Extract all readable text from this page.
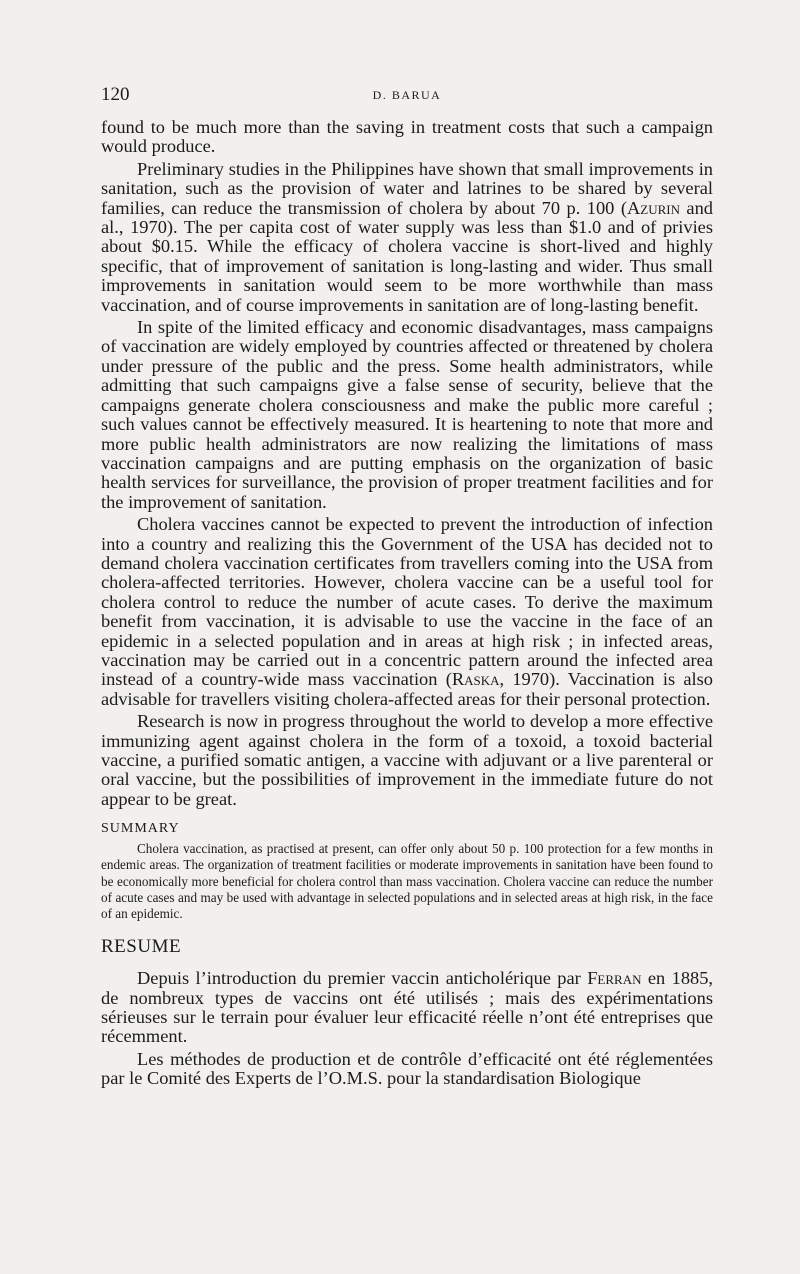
120	D. BARUA

found to be much more than the saving in treatment costs that such a campaign would produce.

Preliminary studies in the Philippines have shown that small improvements in sanitation, such as the provision of water and latrines to be shared by several families, can reduce the transmission of cholera by about 70 p. 100 (Azurin and al., 1970). The per capita cost of water supply was less than $1.0 and of privies about $0.15. While the efficacy of cholera vaccine is short-lived and highly specific, that of improvement of sanitation is long-lasting and wider. Thus small improvements in sanitation would seem to be more worthwhile than mass vaccination, and of course improvements in sanitation are of long-lasting benefit.

In spite of the limited efficacy and economic disadvantages, mass campaigns of vaccination are widely employed by countries affected or threatened by cholera under pressure of the public and the press. Some health administrators, while admitting that such campaigns give a false sense of security, believe that the campaigns generate cholera consciousness and make the public more careful ; such values cannot be effectively measured. It is heartening to note that more and more public health administrators are now realizing the limitations of mass vaccination campaigns and are putting emphasis on the organization of basic health services for surveillance, the provision of proper treatment facilities and for the improvement of sanitation.

Cholera vaccines cannot be expected to prevent the introduction of infection into a country and realizing this the Government of the USA has decided not to demand cholera vaccination certificates from travellers coming into the USA from cholera-affected territories. However, cholera vaccine can be a useful tool for cholera control to reduce the number of acute cases. To derive the maximum benefit from vaccination, it is advisable to use the vaccine in the face of an epidemic in a selected population and in areas at high risk ; in infected areas, vaccination may be carried out in a concentric pattern around the infected area instead of a country-wide mass vaccination (Raska, 1970). Vaccination is also advisable for travellers visiting cholera-affected areas for their personal protection.

Research is now in progress throughout the world to develop a more effective immunizing agent against cholera in the form of a toxoid, a toxoid bacterial vaccine, a purified somatic antigen, a vaccine with adjuvant or a live parenteral or oral vaccine, but the possibilities of improvement in the immediate future do not appear to be great.

SUMMARY

Cholera vaccination, as practised at present, can offer only about 50 p. 100 protection for a few months in endemic areas. The organization of treatment facilities or moderate improvements in sanitation have been found to be economically more beneficial for cholera control than mass vaccination. Cholera vaccine can reduce the number of acute cases and may be used with advantage in selected populations and in selected areas at high risk, in the face of an epidemic.

RESUME

Depuis l’introduction du premier vaccin anticholérique par Ferran en 1885, de nombreux types de vaccins ont été utilisés ; mais des expérimentations sérieuses sur le terrain pour évaluer leur efficacité réelle n’ont été entreprises que récemment.

Les méthodes de production et de contrôle d’efficacité ont été réglementées par le Comité des Experts de l’O.M.S. pour la standardisation Biologique
